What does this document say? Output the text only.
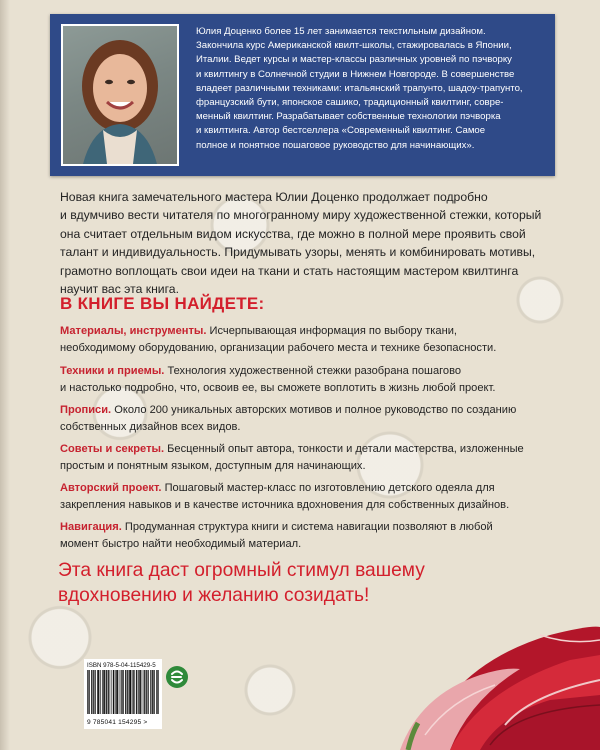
Юлия Доценко более 15 лет занимается текстильным дизайном.
Закончила курс Американской квилт-школы, стажировалась в Японии,
Италии. Ведет курсы и мастер-классы различных уровней по пэчворку
и квилтингу в Солнечной студии в Нижнем Новгороде. В совершенстве
владеет различными техниками: итальянский трапунто, шадоу-трапунто,
французский бути, японское сашико, традиционный квилтинг, совре-
менный квилтинг. Разрабатывает собственные технологии пэчворка
и квилтинга. Автор бестселлера «Современный квилтинг. Самое
полное и понятное пошаговое руководство для начинающих».

Новая книга замечательного мастера Юлии Доценко продолжает подробно
и вдумчиво вести читателя по многогранному миру художественной стежки, который
она считает отдельным видом искусства, где можно в полной мере проявить свой
талант и индивидуальность. Придумывать узоры, менять и комбинировать мотивы,
грамотно воплощать свои идеи на ткани и стать настоящим мастером квилтинга
научит вас эта книга.

В КНИГЕ ВЫ НАЙДЕТЕ:

Материалы, инструменты. Исчерпывающая информация по выбору ткани,
необходимому оборудованию, организации рабочего места и технике безопасности.

Техники и приемы. Технология художественной стежки разобрана пошагово
и настолько подробно, что, освоив ее, вы сможете воплотить в жизнь любой проект.

Прописи. Около 200 уникальных авторских мотивов и полное руководство по созданию
собственных дизайнов всех видов.

Советы и секреты. Бесценный опыт автора, тонкости и детали мастерства, изложенные
простым и понятным языком, доступным для начинающих.

Авторский проект. Пошаговый мастер-класс по изготовлению детского одеяла для
закрепления навыков и в качестве источника вдохновения для собственных дизайнов.

Навигация. Продуманная структура книги и система навигации позволяют в любой
момент быстро найти необходимый материал.

Эта книга даст огромный стимул вашему
вдохновению и желанию созидать!

ISBN 978-5-04-115429-5

9 785041 154295 >
